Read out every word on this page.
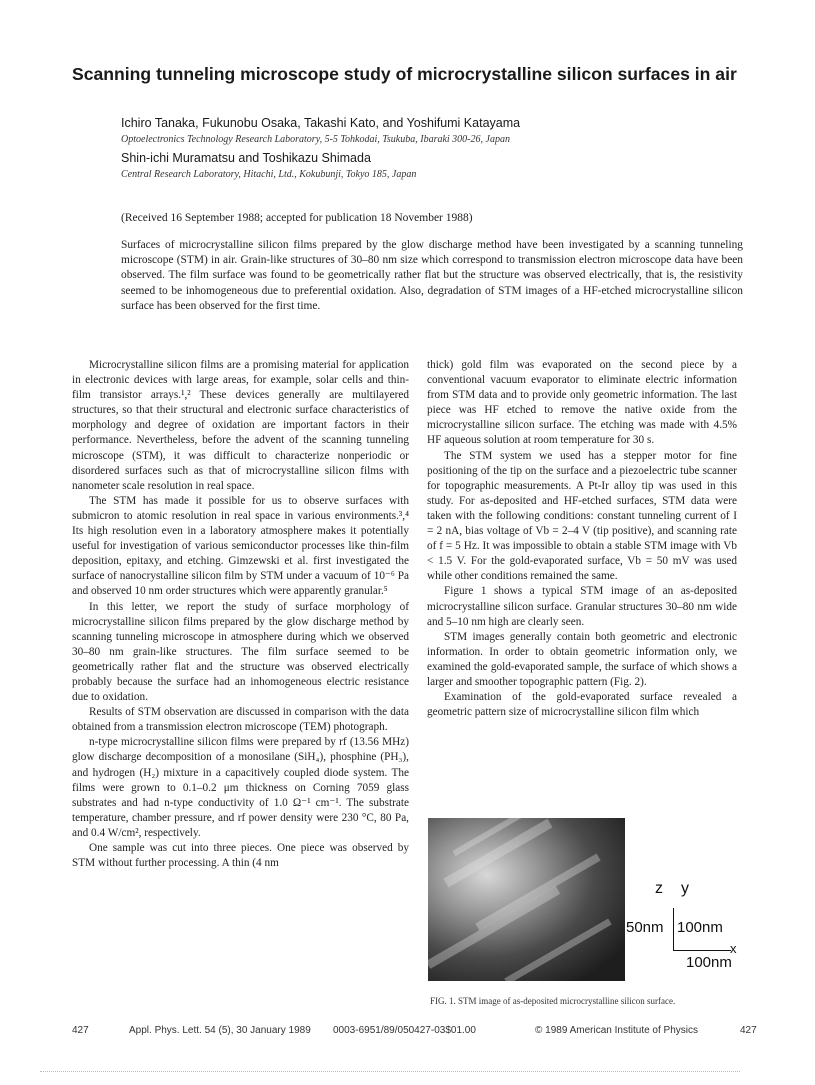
Scanning tunneling microscope study of microcrystalline silicon surfaces in air
Ichiro Tanaka, Fukunobu Osaka, Takashi Kato, and Yoshifumi Katayama
Optoelectronics Technology Research Laboratory, 5-5 Tohkodai, Tsukuba, Ibaraki 300-26, Japan
Shin-ichi Muramatsu and Toshikazu Shimada
Central Research Laboratory, Hitachi, Ltd., Kokubunji, Tokyo 185, Japan
(Received 16 September 1988; accepted for publication 18 November 1988)
Surfaces of microcrystalline silicon films prepared by the glow discharge method have been investigated by a scanning tunneling microscope (STM) in air. Grain-like structures of 30–80 nm size which correspond to transmission electron microscope data have been observed. The film surface was found to be geometrically rather flat but the structure was observed electrically, that is, the resistivity seemed to be inhomogeneous due to preferential oxidation. Also, degradation of STM images of a HF-etched microcrystalline silicon surface has been observed for the first time.

Microcrystalline silicon films are a promising material for application in electronic devices with large areas, for example, solar cells and thin-film transistor arrays.¹,² These devices generally are multilayered structures, so that their structural and electronic surface characteristics of morphology and degree of oxidation are important factors in their performance. Nevertheless, before the advent of the scanning tunneling microscope (STM), it was difficult to characterize nonperiodic or disordered surfaces such as that of microcrystalline silicon films with nanometer scale resolution in real space.

The STM has made it possible for us to observe surfaces with submicron to atomic resolution in real space in various environments.³,⁴ Its high resolution even in a laboratory atmosphere makes it potentially useful for investigation of various semiconductor processes like thin-film deposition, epitaxy, and etching. Gimzewski et al. first investigated the surface of nanocrystalline silicon film by STM under a vacuum of 10⁻⁶ Pa and observed 10 nm order structures which were apparently granular.⁵

In this letter, we report the study of surface morphology of microcrystalline silicon films prepared by the glow discharge method by scanning tunneling microscope in atmosphere during which we observed 30–80 nm grain-like structures. The film surface seemed to be geometrically rather flat and the structure was observed electrically probably because the surface had an inhomogeneous electric resistance due to oxidation.

Results of STM observation are discussed in comparison with the data obtained from a transmission electron microscope (TEM) photograph.

n-type microcrystalline silicon films were prepared by rf (13.56 MHz) glow discharge decomposition of a monosilane (SiH₄), phosphine (PH₃), and hydrogen (H₂) mixture in a capacitively coupled diode system. The films were grown to 0.1–0.2 μm thickness on Corning 7059 glass substrates and had n-type conductivity of 1.0 Ω⁻¹ cm⁻¹. The substrate temperature, chamber pressure, and rf power density were 230 °C, 80 Pa, and 0.4 W/cm², respectively.

One sample was cut into three pieces. One piece was observed by STM without further processing. A thin (4 nm

thick) gold film was evaporated on the second piece by a conventional vacuum evaporator to eliminate electric information from STM data and to provide only geometric information. The last piece was HF etched to remove the native oxide from the microcrystalline silicon surface. The etching was made with 4.5% HF aqueous solution at room temperature for 30 s.

The STM system we used has a stepper motor for fine positioning of the tip on the surface and a piezoelectric tube scanner for topographic measurements. A Pt-Ir alloy tip was used in this study. For as-deposited and HF-etched surfaces, STM data were taken with the following conditions: constant tunneling current of I = 2 nA, bias voltage of Vb = 2–4 V (tip positive), and scanning rate of f = 5 Hz. It was impossible to obtain a stable STM image with Vb < 1.5 V. For the gold-evaporated surface, Vb = 50 mV was used while other conditions remained the same.

Figure 1 shows a typical STM image of an as-deposited microcrystalline silicon surface. Granular structures 30–80 nm wide and 5–10 nm high are clearly seen.

STM images generally contain both geometric and electronic information. In order to obtain geometric information only, we examined the gold-evaporated sample, the surface of which shows a larger and smoother topographic pattern (Fig. 2).

Examination of the gold-evaporated surface revealed a geometric pattern size of microcrystalline silicon film which

z y
50nm 100nm
x
100nm
FIG. 1. STM image of as-deposited microcrystalline silicon surface.
427	Appl. Phys. Lett. 54 (5), 30 January 1989 0003-6951/89/050427-03$01.00	© 1989 American Institute of Physics	427
